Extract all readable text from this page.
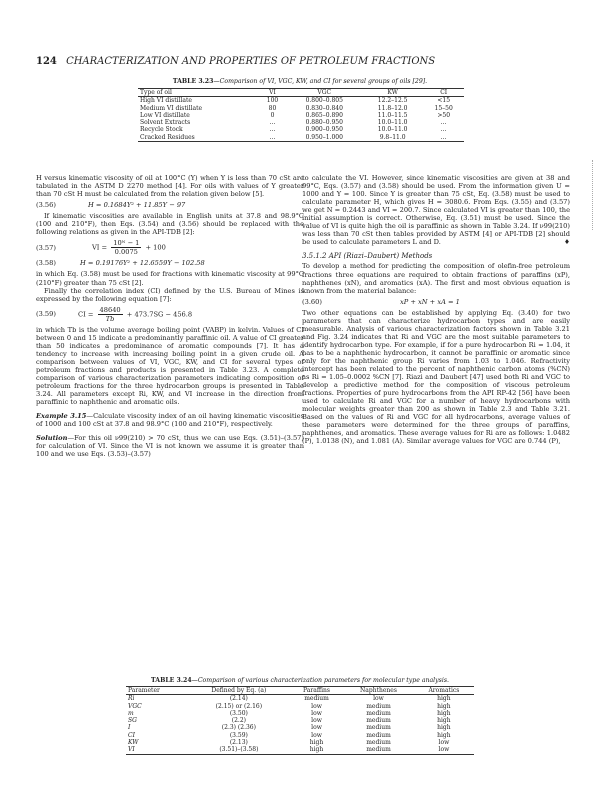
124 CHARACTERIZATION AND PROPERTIES OF PETROLEUM FRACTIONS
TABLE 3.23—Comparison of VI, VGC, KW, and CI for several groups of oils [29].
Type of oil	VI	VGC	KW	CI
High VI distillate	100	0.800–0.805	12.2–12.5	<15
Medium VI distillate	80	0.830–0.840	11.8–12.0	15–50
Low VI distillate	0	0.865–0.890	11.0–11.5	>50
Solvent Extracts	…	0.880–0.950	10.0–11.0	…
Recycle Stock	…	0.900–0.950	10.0–11.0	…
Cracked Residues	…	0.950–1.000	9.8–11.0	…

H versus kinematic viscosity of oil at 100°C (Y) when Y is less than 70 cSt are tabulated in the ASTM D 2270 method [4]. For oils with values of Y greater than 70 cSt H must be calculated from the relation given below [5].

(3.56)	H = 0.1684Y² + 11.85Y − 97

If kinematic viscosities are available in English units at 37.8 and 98.9°C (100 and 210°F), then Eqs. (3.54) and (3.56) should be replaced with the following relations as given in the API-TDB [2]:

(3.57)	VI = $\frac{\text{10ᴺ − 1}}{0.0075} + 100$
(3.58)	H = 0.19176Y² + 12.6559Y − 102.58

in which Eq. (3.58) must be used for fractions with kinematic viscosity at 99°C (210°F) greater than 75 cSt [2].

Finally the correlation index (CI) defined by the U.S. Bureau of Mines is expressed by the following equation [7]:

(3.59)	CI = $\frac{48640}{Tb} + 473.7SG - 456.8$

in which Tb is the volume average boiling point (VABP) in kelvin. Values of CI between 0 and 15 indicate a predominantly paraffinic oil. A value of CI greater than 50 indicates a predominance of aromatic compounds [7]. It has a tendency to increase with increasing boiling point in a given crude oil. A comparison between values of VI, VGC, KW, and CI for several types of petroleum fractions and products is presented in Table 3.23. A complete comparison of various characterization parameters indicating composition of petroleum fractions for the three hydrocarbon groups is presented in Table 3.24. All parameters except Ri, KW, and VI increase in the direction from paraffinic to naphthenic and aromatic oils.

Example 3.15—Calculate viscosity index of an oil having kinematic viscosities of 1000 and 100 cSt at 37.8 and 98.9°C (100 and 210°F), respectively.

Solution—For this oil ν99(210) > 70 cSt, thus we can use Eqs. (3.51)–(3.57) for calculation of VI. Since the VI is not known we assume it is greater than 100 and we use Eqs. (3.53)–(3.57)

to calculate the VI. However, since kinematic viscosities are given at 38 and 99°C, Eqs. (3.57) and (3.58) should be used. From the information given U = 1000 and Y = 100. Since Y is greater than 75 cSt, Eq. (3.58) must be used to calculate parameter H, which gives H = 3080.6. From Eqs. (3.55) and (3.57) we get N = 0.2443 and VI = 200.7. Since calculated VI is greater than 100, the initial assumption is correct. Otherwise, Eq. (3.51) must be used. Since the value of VI is quite high the oil is paraffinic as shown in Table 3.24. If ν99(210) was less than 70 cSt then tables provided by ASTM [4] or API-TDB [2] should be used to calculate parameters L and D.	♦

3.5.1.2 API (Riazi–Daubert) Methods

To develop a method for predicting the composition of olefin-free petroleum fractions three equations are required to obtain fractions of paraffins (xP), naphthenes (xN), and aromatics (xA). The first and most obvious equation is known from the material balance:

(3.60)	xP + xN + xA = 1

Two other equations can be established by applying Eq. (3.40) for two parameters that can characterize hydrocarbon types and are easily measurable. Analysis of various characterization factors shown in Table 3.21 and Fig. 3.24 indicates that Ri and VGC are the most suitable parameters to identify hydrocarbon type. For example, if for a pure hydrocarbon Ri = 1.04, it has to be a naphthenic hydrocarbon, it cannot be paraffinic or aromatic since only for the naphthenic group Ri varies from 1.03 to 1.046. Refractivity intercept has been related to the percent of naphthenic carbon atoms (%CN) as Ri = 1.05–0.0002 %CN [7]. Riazi and Daubert [47] used both Ri and VGC to develop a predictive method for the composition of viscous petroleum fractions. Properties of pure hydrocarbons from the API RP-42 [56] have been used to calculate Ri and VGC for a number of heavy hydrocarbons with molecular weights greater than 200 as shown in Table 2.3 and Table 3.21. Based on the values of Ri and VGC for all hydrocarbons, average values of these parameters were determined for the three groups of paraffins, naphthenes, and aromatics. These average values for Ri are as follows: 1.0482 (P), 1.0138 (N), and 1.081 (A). Similar average values for VGC are 0.744 (P),

TABLE 3.24—Comparison of various characterization parameters for molecular type analysis.
Parameter	Defined by Eq. (a)	Paraffins	Naphthenes	Aromatics
Ri	(2.14)	medium	low	high
VGC	(2.15) or (2.16)	low	medium	high
m	(3.50)	low	medium	high
SG	(2.2)	low	medium	high
I	(2.3) (2.36)	low	medium	high
CI	(3.59)	low	medium	high
KW	(2.13)	high	medium	low
VI	(3.51)–(3.58)	high	medium	low
